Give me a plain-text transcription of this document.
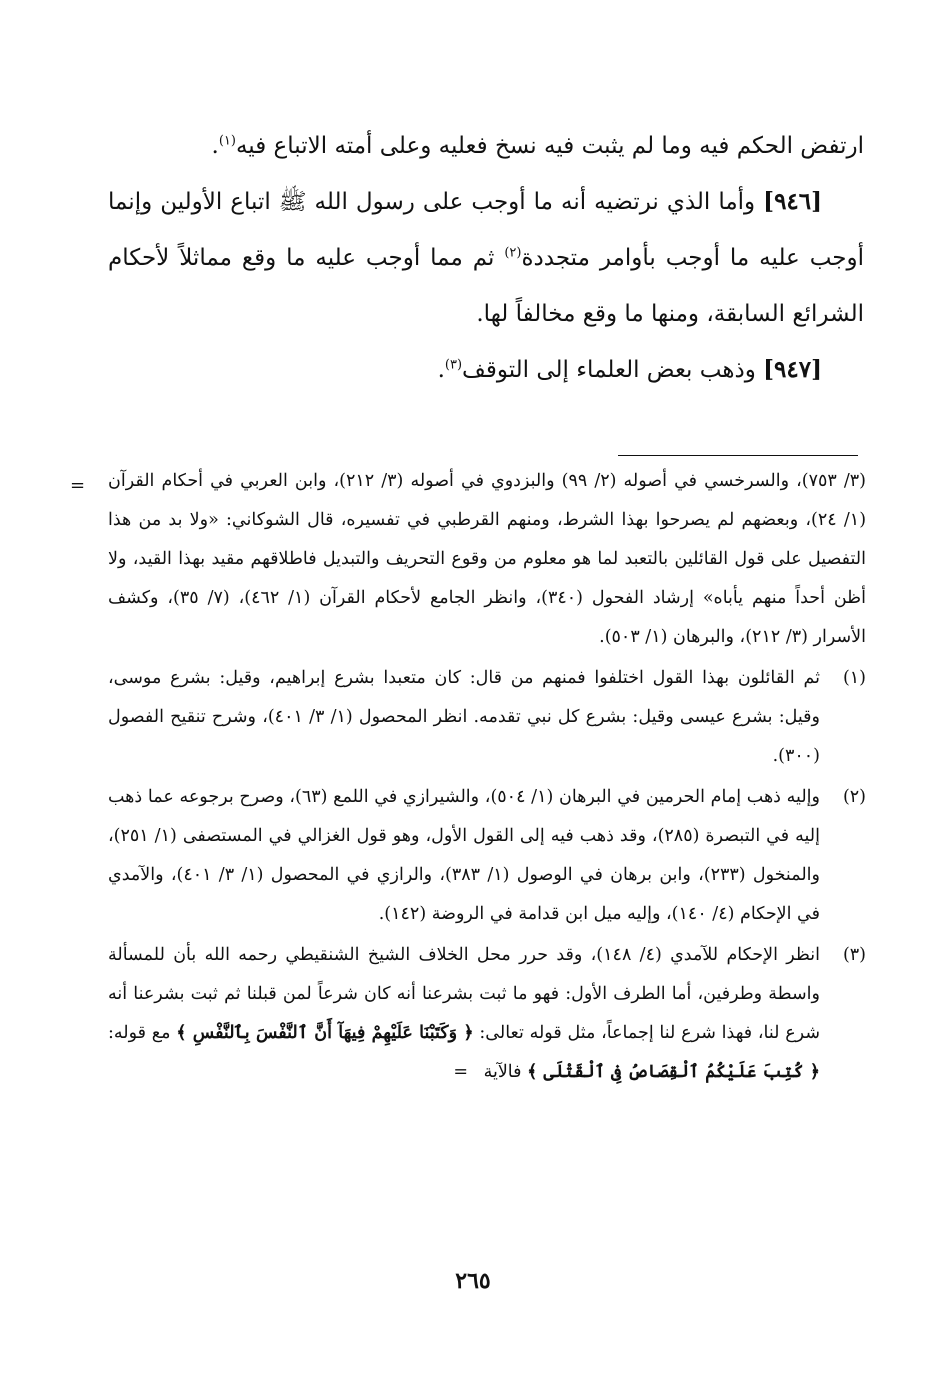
ارتفض الحكم فيه وما لم يثبت فيه نسخ فعليه وعلى أمته الاتباع فيه$^{(١)}$.

[٩٤٦] وأما الذي نرتضيه أنه ما أوجب على رسول الله ﷺ اتباع الأولين وإنما أوجب عليه ما أوجب بأوامر متجددة$^{(٢)}$ ثم مما أوجب عليه ما وقع مماثلاً لأحكام الشرائع السابقة، ومنها ما وقع مخالفاً لها.

[٩٤٧] وذهب بعض العلماء إلى التوقف$^{(٣)}$.

= (٣/ ٧٥٣)، والسرخسي في أصوله (٢/ ٩٩) والبزدوي في أصوله (٣/ ٢١٢)، وابن العربي في أحكام القرآن (١/ ٢٤)، وبعضهم لم يصرحوا بهذا الشرط، ومنهم القرطبي في تفسيره، قال الشوكاني: «ولا بد من هذا التفصيل على قول القائلين بالتعبد لما هو معلوم من وقوع التحريف والتبديل فاطلاقهم مقيد بهذا القيد، ولا أظن أحداً منهم يأباه» إرشاد الفحول (٣٤٠)، وانظر الجامع لأحكام القرآن (١/ ٤٦٢)، (٧/ ٣٥)، وكشف الأسرار (٣/ ٢١٢)، والبرهان (١/ ٥٠٣).
(١)
ثم القائلون بهذا القول اختلفوا فمنهم من قال: كان متعبدا بشرع إبراهيم، وقيل: بشرع موسى، وقيل: بشرع عيسى وقيل: بشرع كل نبي تقدمه. انظر المحصول (١/ ٣/ ٤٠١)، وشرح تنقيح الفصول (٣٠٠).
(٢)
وإليه ذهب إمام الحرمين في البرهان (١/ ٥٠٤)، والشيرازي في اللمع (٦٣)، وصرح برجوعه عما ذهب إليه في التبصرة (٢٨٥)، وقد ذهب فيه إلى القول الأول، وهو قول الغزالي في المستصفى (١/ ٢٥١)، والمنخول (٢٣٣)، وابن برهان في الوصول (١/ ٣٨٣)، والرازي في المحصول (١/ ٣/ ٤٠١)، والآمدي في الإحكام (٤/ ١٤٠)، وإليه ميل ابن قدامة في الروضة (١٤٢).
(٣)
انظر الإحكام للآمدي (٤/ ١٤٨)، وقد حرر محل الخلاف الشيخ الشنقيطي رحمه الله بأن للمسألة واسطة وطرفين، أما الطرف الأول: فهو ما ثبت بشرعنا أنه كان شرعاً لمن قبلنا ثم ثبت بشرعنا أنه شرع لنا، فهذا شرع لنا إجماعاً، مثل قوله تعالى: ﴿ وَكَتَبْنَا عَلَيْهِمْ فِيهَآ أَنَّ ٱلنَّفْسَ بِٱلنَّفْسِ ﴾ مع قوله: ﴿ كُتِبَ عَلَيْكُمُ ٱلْقِصَاصُ فِى ٱلْقَتْلَى ﴾ فالآية =
٢٦٥
